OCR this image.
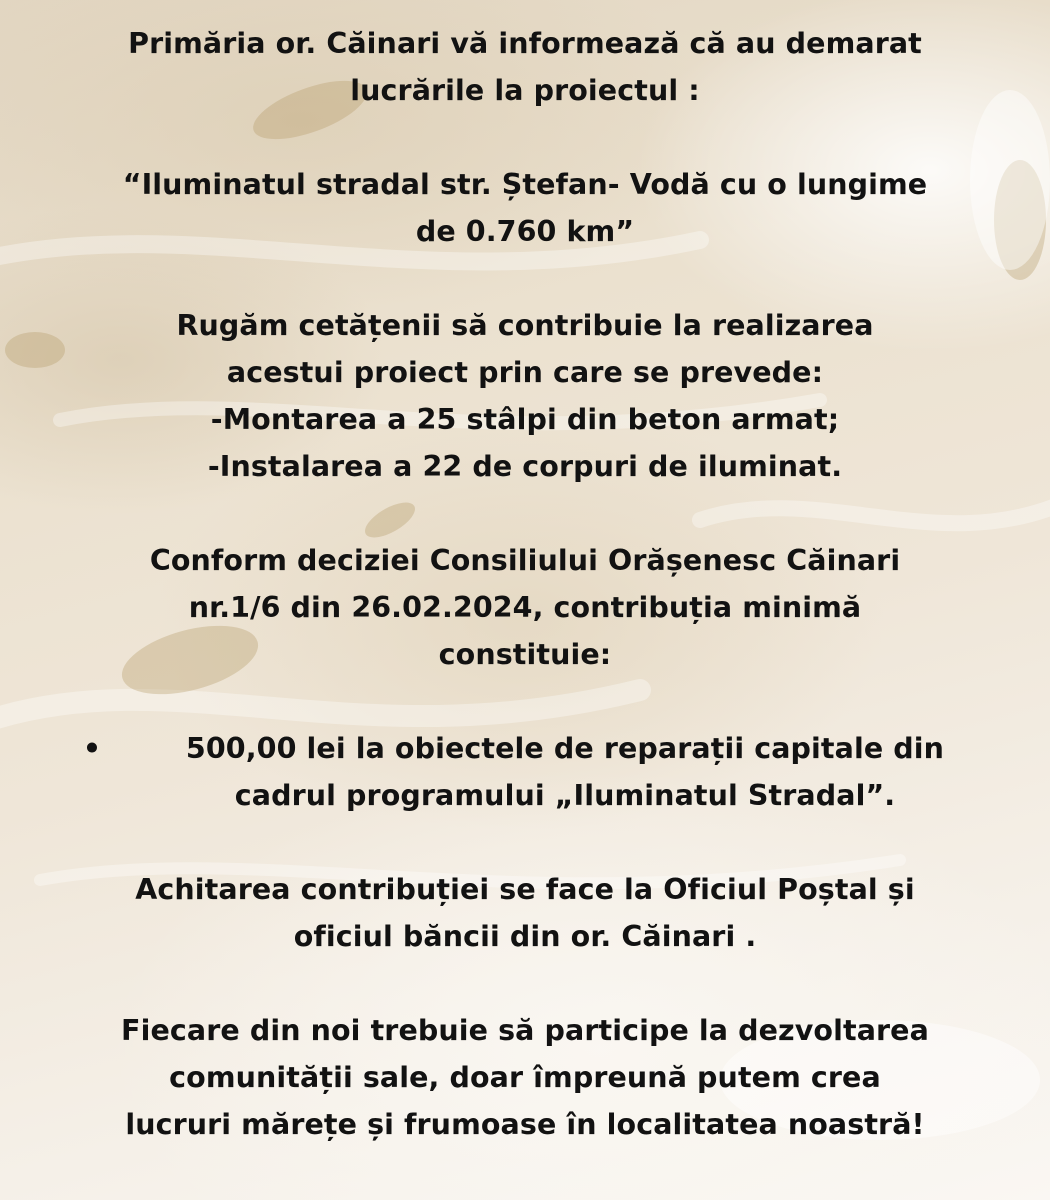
Primăria or. Căinari vă informează că au demarat

lucrările la proiectul :

“Iluminatul stradal str. Ștefan- Vodă cu o lungime

de 0.760 km”

Rugăm cetățenii să contribuie la realizarea

acestui proiect prin care se prevede:

-Montarea a 25 stâlpi din beton armat;

-Instalarea a 22 de corpuri de iluminat.

Conform deciziei Consiliului Orășenesc Căinari

nr.1/6 din 26.02.2024, contribuția minimă

constituie:

•	500,00 lei la obiectele de reparații capitale din
cadrul programului „Iluminatul Stradal”.

Achitarea contribuției se face la Oficiul Poștal și

oficiul băncii din or. Căinari .

Fiecare din noi trebuie să participe la dezvoltarea

comunității sale, doar împreună putem crea

lucruri mărețe și frumoase în localitatea noastră!
